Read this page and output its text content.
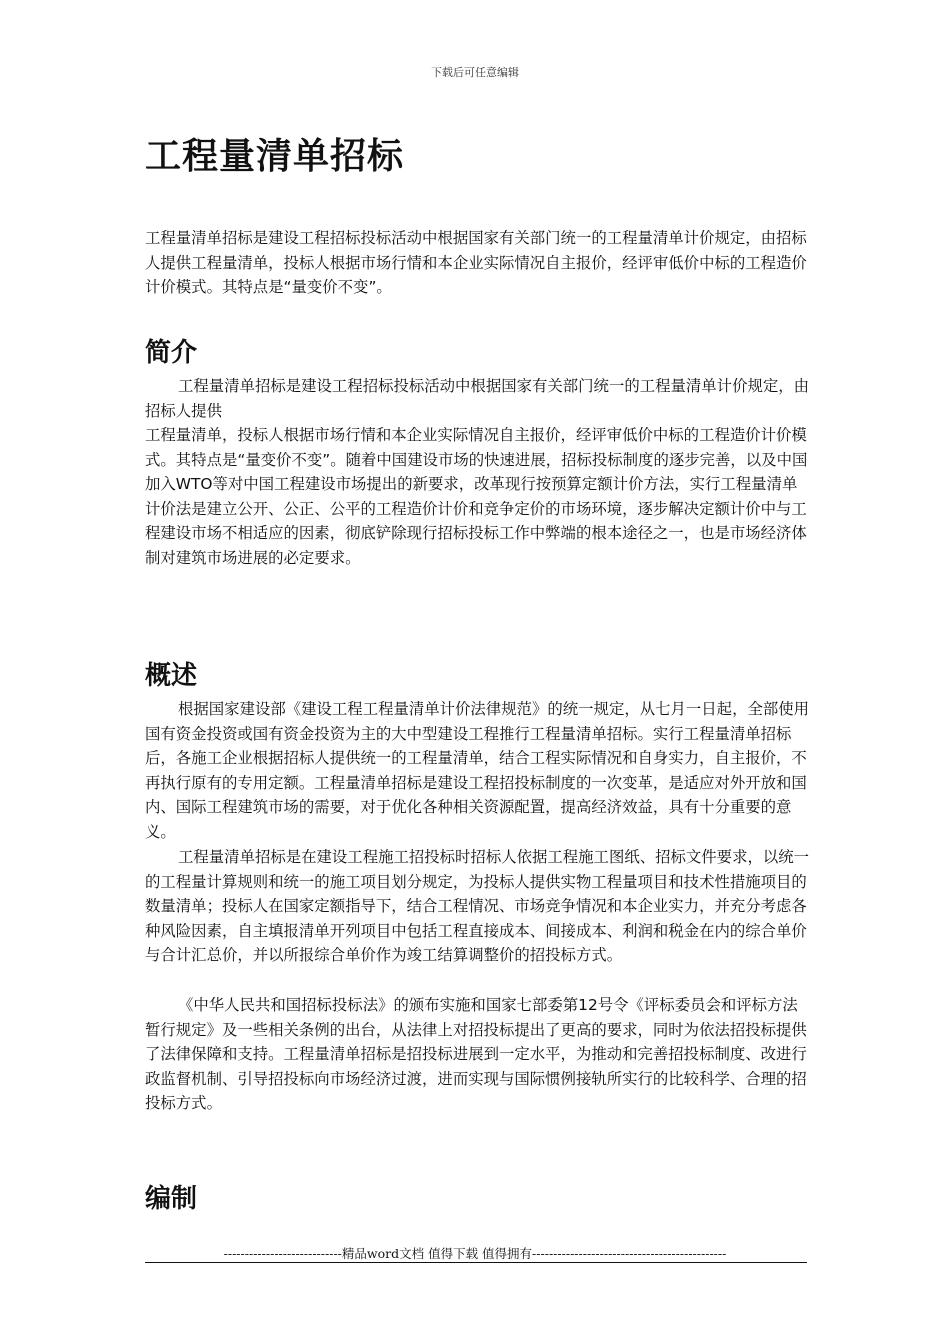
下载后可任意编辑
工程量清单招标

工程量清单招标是建设工程招标投标活动中根据国家有关部门统一的工程量清单计价规定，由招标人提供工程量清单，投标人根据市场行情和本企业实际情况自主报价，经评审低价中标的工程造价计价模式。其特点是“量变价不变”。

简介

工程量清单招标是建设工程招标投标活动中根据国家有关部门统一的工程量清单计价规定，由招标人提供

工程量清单，投标人根据市场行情和本企业实际情况自主报价，经评审低价中标的工程造价计价模式。其特点是“量变价不变”。随着中国建设市场的快速进展，招标投标制度的逐步完善，以及中国加入WTO等对中国工程建设市场提出的新要求，改革现行按预算定额计价方法，实行工程量清单计价法是建立公开、公正、公平的工程造价计价和竞争定价的市场环境，逐步解决定额计价中与工程建设市场不相适应的因素，彻底铲除现行招标投标工作中弊端的根本途径之一，也是市场经济体制对建筑市场进展的必定要求。

概述

根据国家建设部《建设工程工程量清单计价法律规范》的统一规定，从七月一日起，全部使用国有资金投资或国有资金投资为主的大中型建设工程推行工程量清单招标。实行工程量清单招标后，各施工企业根据招标人提供统一的工程量清单，结合工程实际情况和自身实力，自主报价，不再执行原有的专用定额。工程量清单招标是建设工程招投标制度的一次变革，是适应对外开放和国内、国际工程建筑市场的需要，对于优化各种相关资源配置，提高经济效益，具有十分重要的意义。

工程量清单招标是在建设工程施工招投标时招标人依据工程施工图纸、招标文件要求，以统一的工程量计算规则和统一的施工项目划分规定，为投标人提供实物工程量项目和技术性措施项目的数量清单；投标人在国家定额指导下，结合工程情况、市场竞争情况和本企业实力，并充分考虑各种风险因素，自主填报清单开列项目中包括工程直接成本、间接成本、利润和税金在内的综合单价与合计汇总价，并以所报综合单价作为竣工结算调整价的招投标方式。

《中华人民共和国招标投标法》的颁布实施和国家七部委第12号令《评标委员会和评标方法暂行规定》及一些相关条例的出台，从法律上对招投标提出了更高的要求，同时为依法招投标提供了法律保障和支持。工程量清单招标是招投标进展到一定水平，为推动和完善招投标制度、改进行政监督机制、引导招投标向市场经济过渡，进而实现与国际惯例接轨所实行的比较科学、合理的招投标方式。

编制
----------------------------精品word文档 值得下载 值得拥有----------------------------------------------
